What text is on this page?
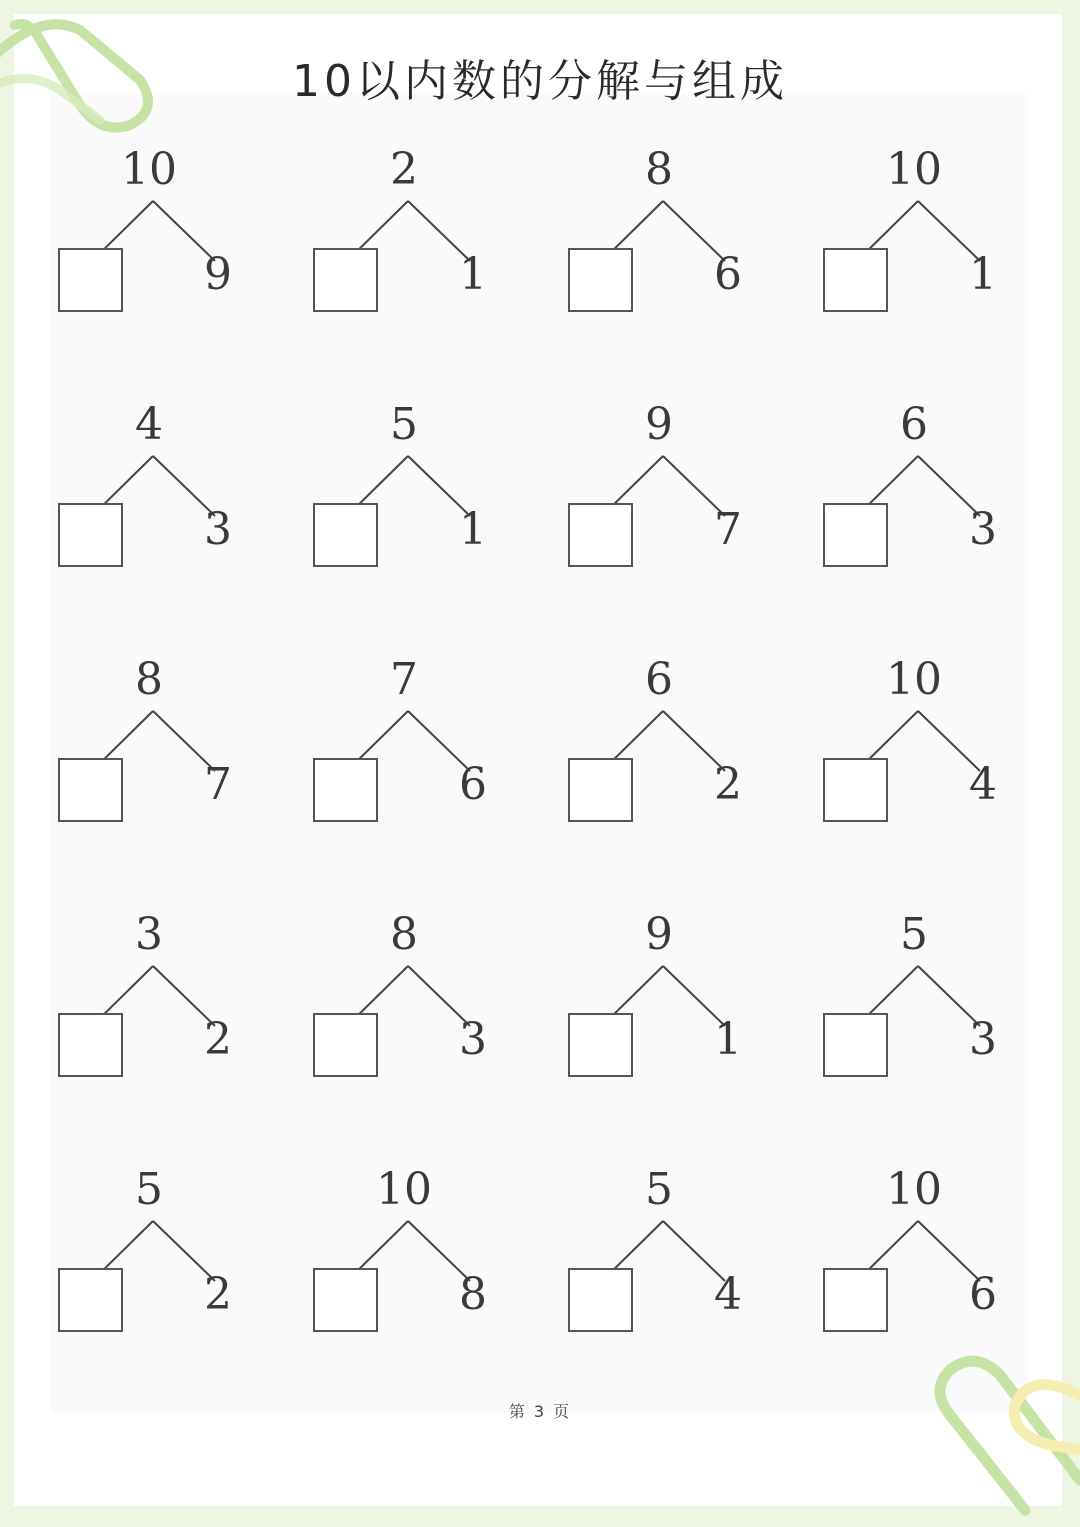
10以内数的分解与组成
10
9
2
1
8
6
10
1
4
3
5
1
9
7
6
3
8
7
7
6
6
2
10
4
3
2
8
3
9
1
5
3
5
2
10
8
5
4
10
6
第 3 页
